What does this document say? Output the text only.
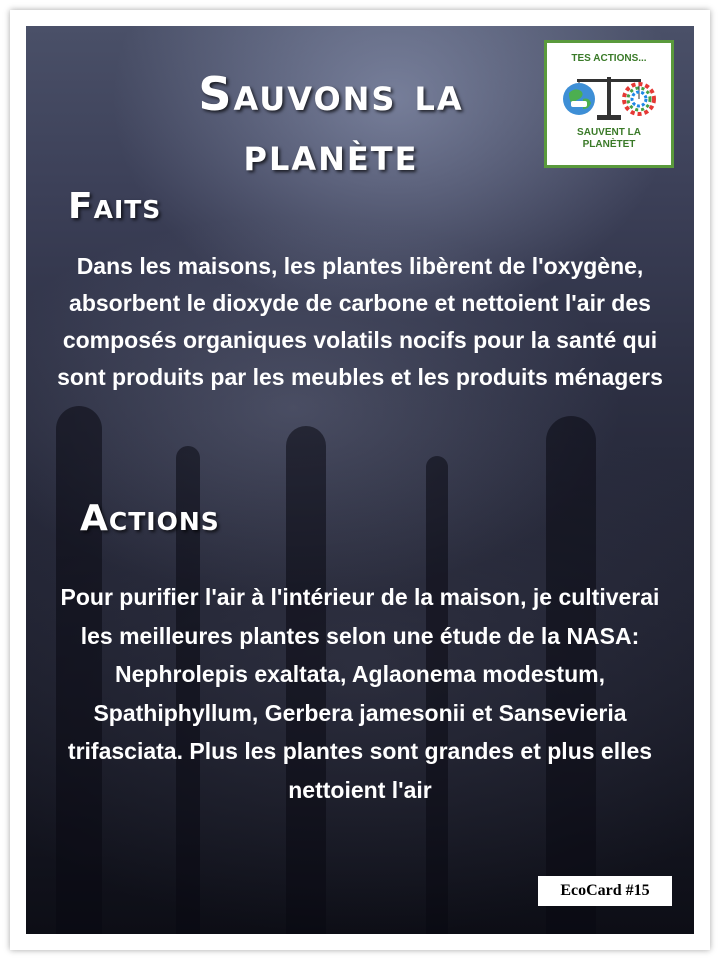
Sauvons la
planète
TES ACTIONS...
SAUVENT LA
PLANÈTET
Faits
Dans les maisons, les plantes libèrent de l'oxygène, absorbent le dioxyde de carbone et nettoient l'air des composés organiques volatils nocifs pour la santé qui sont produits par les meubles et les produits ménagers
Actions
Pour purifier l'air à l'intérieur de la maison, je cultiverai les meilleures plantes selon une étude de la NASA: Nephrolepis exaltata, Aglaonema modestum, Spathiphyllum, Gerbera jamesonii et Sansevieria trifasciata. Plus les plantes sont grandes et plus elles nettoient l'air
EcoCard #15
